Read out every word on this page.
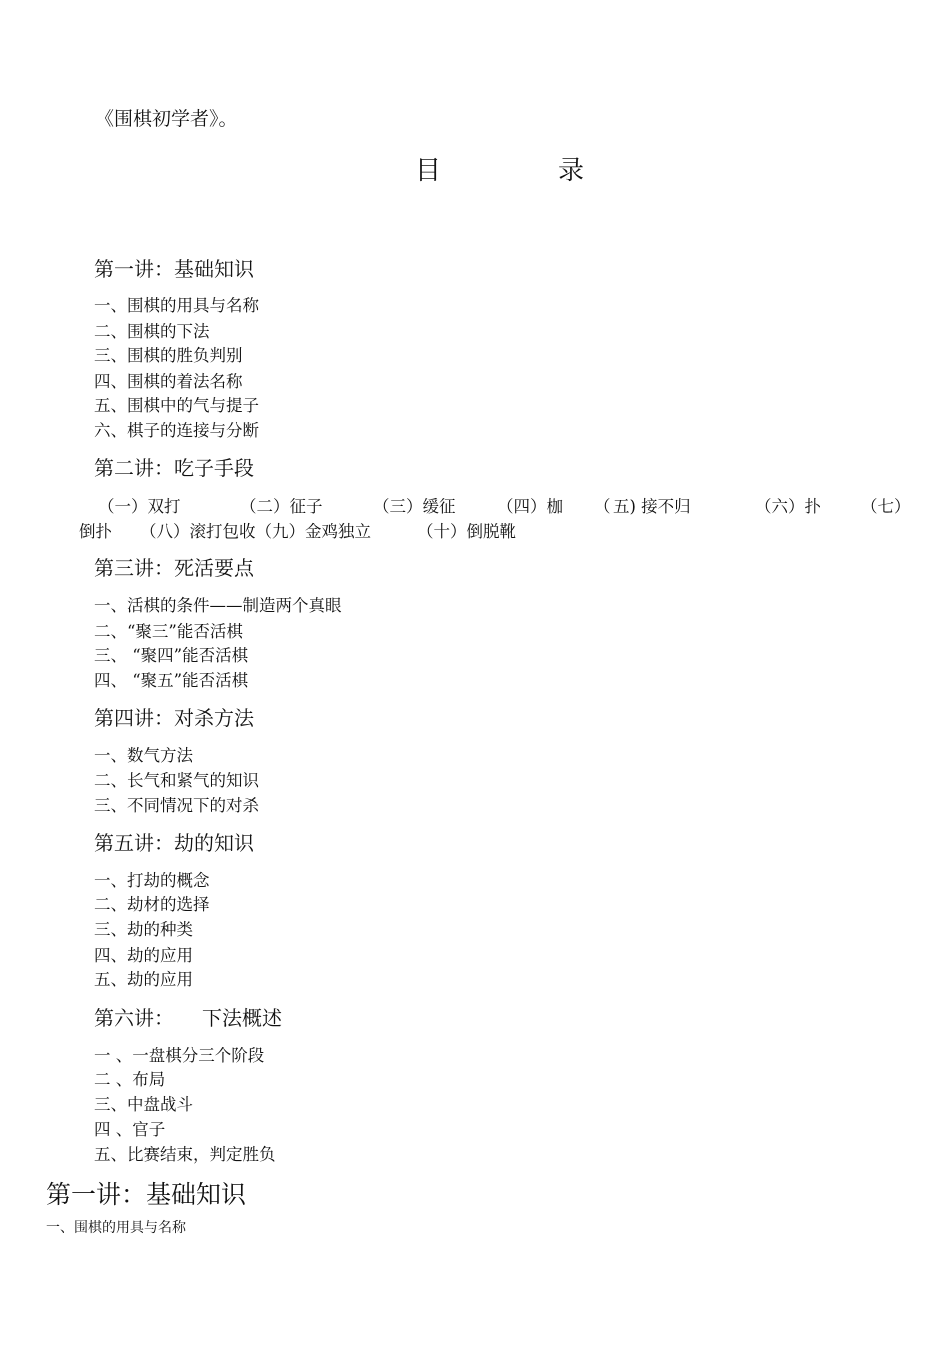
《围棋初学者》。
目	录
第一讲：基础知识
一、围棋的用具与名称
二、围棋的下法
三、围棋的胜负判别
四、围棋的着法名称
五、围棋中的气与提子
六、棋子的连接与分断
第二讲：吃子手段
（一）双打	（二）征子	（三）缓征	（四）枷 （ 五) 接不归	（六）扑 （七）
倒扑 （八）滚打包收（九）金鸡独立	（十）倒脱靴
第三讲：死活要点
一、活棋的条件——制造两个真眼
二、“聚三”能否活棋
三、 “聚四”能否活棋
四、 “聚五”能否活棋
第四讲：对杀方法
一、数气方法
二、长气和紧气的知识
三、不同情况下的对杀
第五讲：劫的知识
一、打劫的概念
二、劫材的选择
三、劫的种类
四、劫的应用
五、劫的应用
第六讲： 下法概述
一 、一盘棋分三个阶段
二 、布局
三、中盘战斗
四 、官子
五、比赛结束，判定胜负
第一讲：基础知识
一、围棋的用具与名称
